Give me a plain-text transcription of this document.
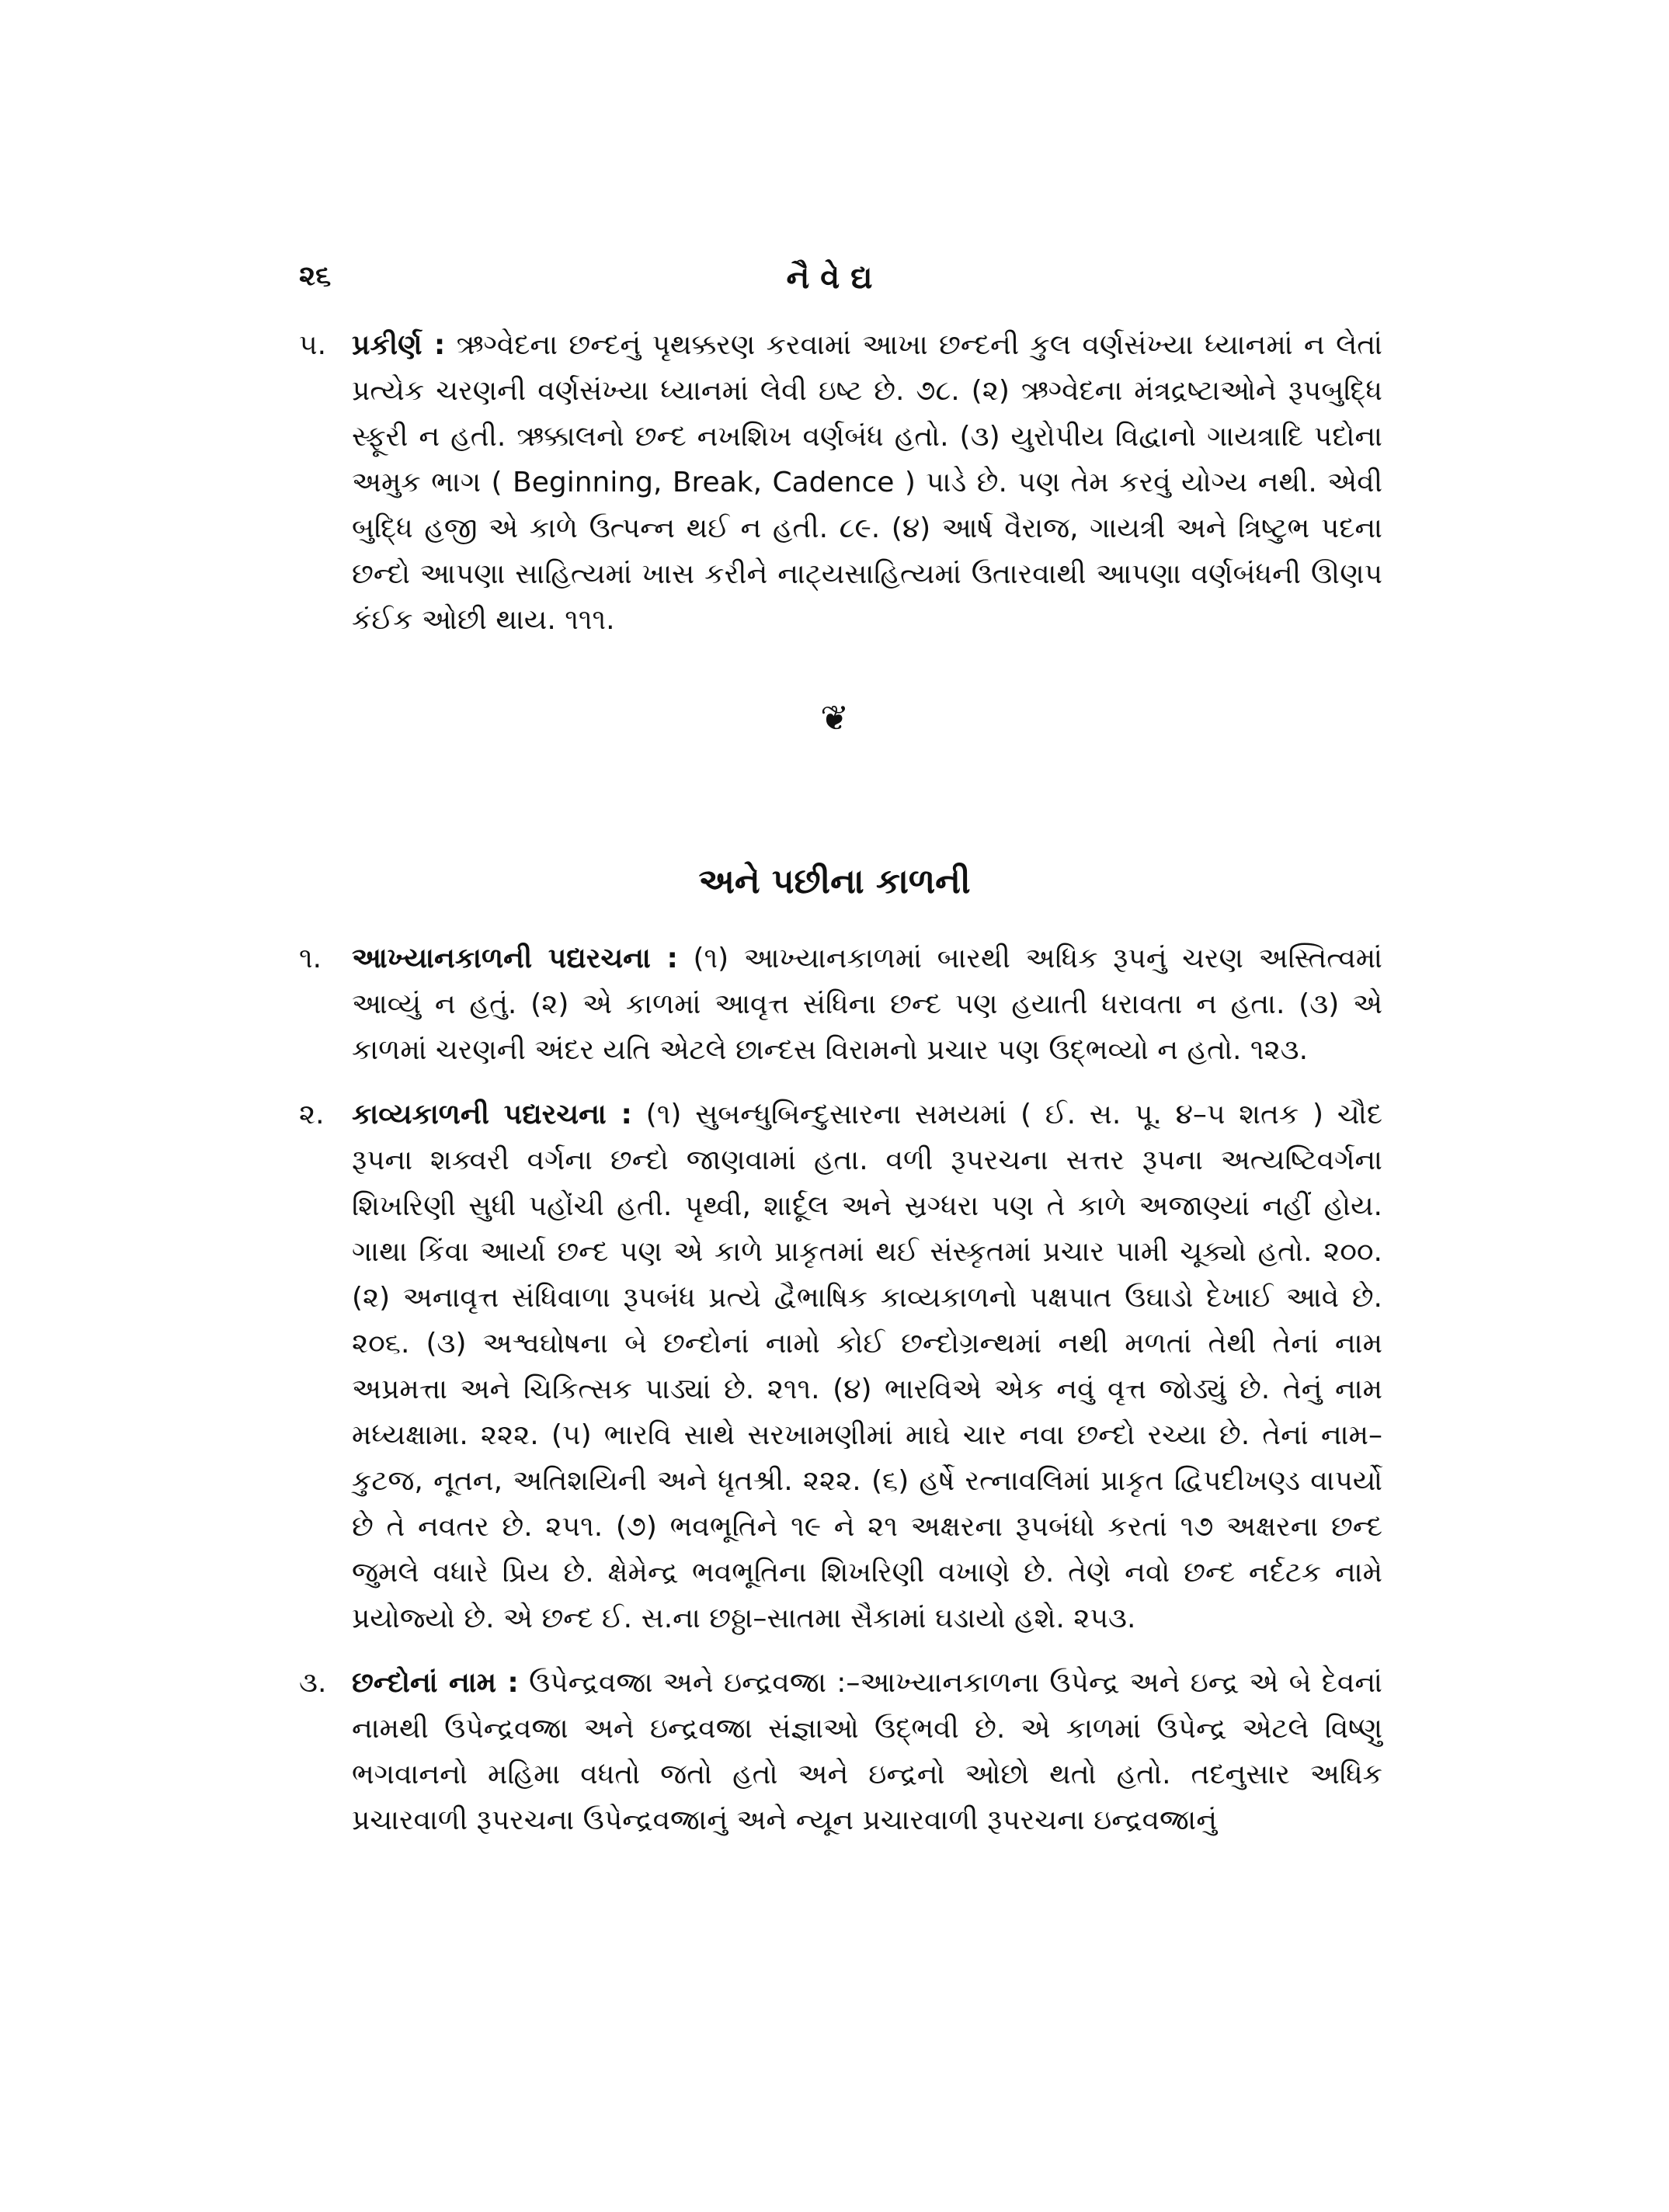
૨૬	નૈવેદ્ય
૫. પ્રકીર્ણ : ઋગ્વેદના છન્દનું પૃથક્કરણ કરવામાં આખા છન્દની કુલ વર્ણસંખ્યા ધ્યાનમાં ન લેતાં પ્રત્યેક ચરણની વર્ણસંખ્યા ધ્યાનમાં લેવી ઇષ્ટ છે. ૭૮. (૨) ઋગ્વેદના મંત્રદ્રષ્ટાઓને રૂપબુદ્ધિ સ્ફૂરી ન હતી. ઋક્કાલનો છન્દ નખશિખ વર્ણબંધ હતો. (૩) યુરોપીય વિદ્વાનો ગાયત્રાદિ પદોના અમુક ભાગ ( Beginning, Break, Cadence ) પાડે છે. પણ તેમ કરવું યોગ્ય નથી. એવી બુદ્ધિ હજી એ કાળે ઉત્પન્ન થઈ ન હતી. ૮૯. (૪) આર્ષ વૈરાજ, ગાયત્રી અને ત્રિષ્ટુભ પદના છન્દો આપણા સાહિત્યમાં ખાસ કરીને નાટ્યસાહિત્યમાં ઉતારવાથી આપણા વર્ણબંધની ઊણપ કંઈક ઓછી થાય. ૧૧૧.
❦
અને પછીના કાળની
૧. આખ્યાનકાળની પદ્યરચના : (૧) આખ્યાનકાળમાં બારથી અધિક રૂપનું ચરણ અસ્તિત્વમાં આવ્યું ન હતું. (૨) એ કાળમાં આવૃત્ત સંધિના છન્દ પણ હયાતી ધરાવતા ન હતા. (૩) એ કાળમાં ચરણની અંદર યતિ એટલે છાન્દસ વિરામનો પ્રચાર પણ ઉદ્ભવ્યો ન હતો. ૧૨૩.
૨. કાવ્યકાળની પદ્યરચના : (૧) સુબન્ધુબિન્દુસારના સમયમાં ( ઈ. સ. પૂ. ૪–૫ શતક ) ચૌદ રૂપના શક્વરી વર્ગના છન્દો જાણવામાં હતા. વળી રૂપરચના સત્તર રૂપના અત્યષ્ટિવર્ગના શિખરિણી સુધી પહોંચી હતી. પૃથ્વી, શાર્દૂલ અને સ્રગ્ધરા પણ તે કાળે અજાણ્યાં નહીં હોય. ગાથા કિંવા આર્યા છન્દ પણ એ કાળે પ્રાકૃતમાં થઈ સંસ્કૃતમાં પ્રચાર પામી ચૂક્યો હતો. ૨૦૦. (૨) અનાવૃત્ત સંધિવાળા રૂપબંધ પ્રત્યે દ્વૈભાષિક કાવ્યકાળનો પક્ષપાત ઉઘાડો દેખાઈ આવે છે. ૨૦૬. (૩) અશ્વઘોષના બે છન્દોનાં નામો કોઈ છન્દોગ્રન્થમાં નથી મળતાં તેથી તેનાં નામ અપ્રમત્તા અને ચિકિત્સક પાડ્યાં છે. ૨૧૧. (૪) ભારવિએ એક નવું વૃત્ત જોડ્યું છે. તેનું નામ મધ્યક્ષામા. ૨૨૨. (૫) ભારવિ સાથે સરખામણીમાં માઘે ચાર નવા છન્દો રચ્યા છે. તેનાં નામ–કુટજ, નૂતન, અતિશયિની અને ધૃતશ્રી. ૨૨૨. (૬) હર્ષે રત્નાવલિમાં પ્રાકૃત દ્વિપદીખણ્ડ વાપર્યો છે તે નવતર છે. ૨૫૧. (૭) ભવભૂતિને ૧૯ ને ૨૧ અક્ષરના રૂપબંધો કરતાં ૧૭ અક્ષરના છન્દ જુમલે વધારે પ્રિય છે. ક્ષેમેન્દ્ર ભવભૂતિના શિખરિણી વખાણે છે. તેણે નવો છન્દ નર્દટક નામે પ્રયોજ્યો છે. એ છન્દ ઈ. સ.ના છઠ્ઠા–સાતમા સૈકામાં ઘડાયો હશે. ૨૫૩.
૩. છન્દોનાં નામ : ઉપેન્દ્રવજ્રા અને ઇન્દ્રવજ્રા :–આખ્યાનકાળના ઉપેન્દ્ર અને ઇન્દ્ર એ બે દેવનાં નામથી ઉપેન્દ્રવજ્રા અને ઇન્દ્રવજ્રા સંજ્ઞાઓ ઉદ્ભવી છે. એ કાળમાં ઉપેન્દ્ર એટલે વિષ્ણુ ભગવાનનો મહિમા વધતો જતો હતો અને ઇન્દ્રનો ઓછો થતો હતો. તદનુસાર અધિક પ્રચારવાળી રૂપરચના ઉપેન્દ્રવજ્રાનું અને ન્યૂન પ્રચારવાળી રૂપરચના ઇન્દ્રવજ્રાનું
